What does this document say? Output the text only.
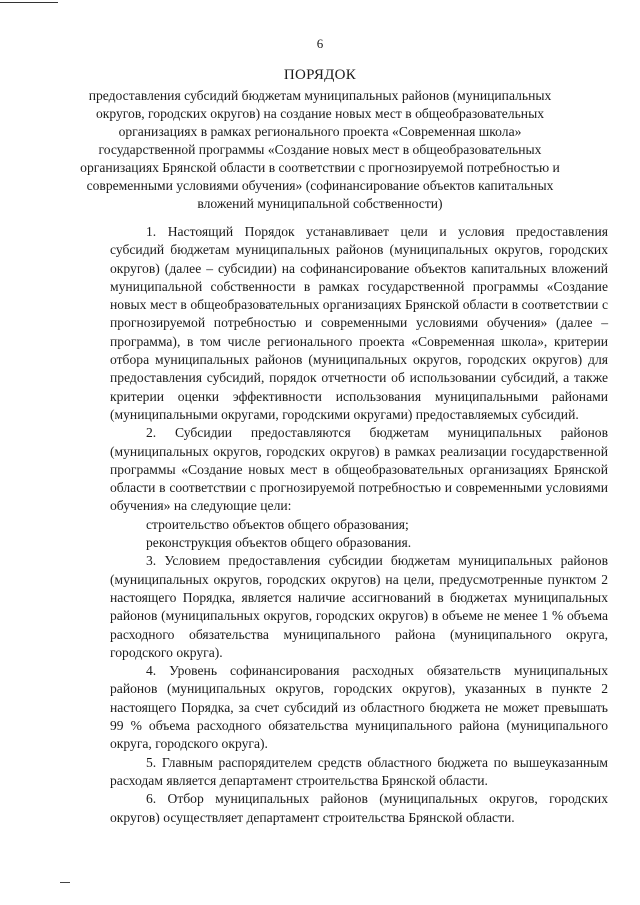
6
ПОРЯДОК
предоставления субсидий бюджетам муниципальных районов (муниципальных округов, городских округов) на создание новых мест в общеобразовательных организациях в рамках регионального проекта «Современная школа» государственной программы «Создание новых мест в общеобразовательных организациях Брянской области в соответствии с прогнозируемой потребностью и современными условиями обучения» (софинансирование объектов капитальных вложений муниципальной собственности)

1. Настоящий Порядок устанавливает цели и условия предоставления субсидий бюджетам муниципальных районов (муниципальных округов, городских округов) (далее – субсидии) на софинансирование объектов капитальных вложений муниципальной собственности в рамках государственной программы «Создание новых мест в общеобразовательных организациях Брянской области в соответствии с прогнозируемой потребностью и современными условиями обучения» (далее – программа), в том числе регионального проекта «Современная школа», критерии отбора муниципальных районов (муниципальных округов, городских округов) для предоставления субсидий, порядок отчетности об использовании субсидий, а также критерии оценки эффективности использования муниципальными районами (муниципальными округами, городскими округами) предоставляемых субсидий.

2. Субсидии предоставляются бюджетам муниципальных районов (муниципальных округов, городских округов) в рамках реализации государственной программы «Создание новых мест в общеобразовательных организациях Брянской области в соответствии с прогнозируемой потребностью и современными условиями обучения» на следующие цели:

строительство объектов общего образования;

реконструкция объектов общего образования.

3. Условием предоставления субсидии бюджетам муниципальных районов (муниципальных округов, городских округов) на цели, предусмотренные пунктом 2 настоящего Порядка, является наличие ассигнований в бюджетах муниципальных районов (муниципальных округов, городских округов) в объеме не менее 1 % объема расходного обязательства муниципального района (муниципального округа, городского округа).

4. Уровень софинансирования расходных обязательств муниципальных районов (муниципальных округов, городских округов), указанных в пункте 2 настоящего Порядка, за счет субсидий из областного бюджета не может превышать 99 % объема расходного обязательства муниципального района (муниципального округа, городского округа).

5. Главным распорядителем средств областного бюджета по вышеуказанным расходам является департамент строительства Брянской области.

6. Отбор муниципальных районов (муниципальных округов, городских округов) осуществляет департамент строительства Брянской области.
